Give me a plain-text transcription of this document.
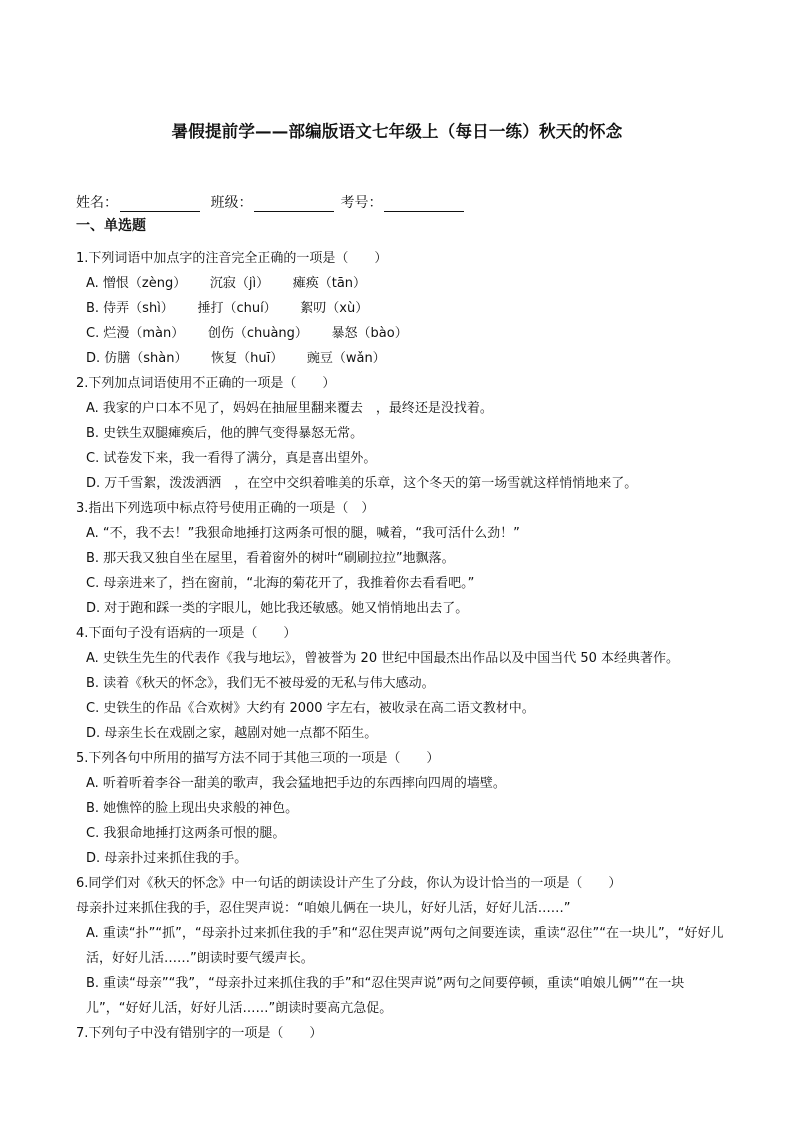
暑假提前学——部编版语文七年级上（每日一练）秋天的怀念
姓名：	班级：	考号：
一、单选题
1.下列词语中加点字的注音完全正确的一项是（　　）
A. 憎恨（zèng）　　 沉寂（jì）　　 瘫痪（tān）
B. 侍弄（shì）　　 捶打（chuí）　　 絮叨（xù）
C. 烂漫（màn）　　 创伤（chuàng）　　 暴怒（bào）
D. 仿膳（shàn）　　 恢复（huī）　　 豌豆（wǎn）
2.下列加点词语使用不正确的一项是（　　）
A. 我家的户口本不见了，妈妈在抽屉里翻来覆去　，最终还是没找着。
B. 史铁生双腿瘫痪后，他的脾气变得暴怒无常。
C. 试卷发下来，我一看得了满分，真是喜出望外。
D. 万千雪絮，泼泼洒洒　，在空中交织着唯美的乐章，这个冬天的第一场雪就这样悄悄地来了。
3.指出下列选项中标点符号使用正确的一项是（　）
A. “不，我不去！”我狠命地捶打这两条可恨的腿，喊着，“我可活什么劲！”
B. 那天我又独自坐在屋里，看着窗外的树叶“刷刷拉拉”地飘落。
C. 母亲进来了，挡在窗前，“北海的菊花开了，我推着你去看看吧。”
D. 对于跑和踩一类的字眼儿，她比我还敏感。她又悄悄地出去了。
4.下面句子没有语病的一项是（　　）
A. 史铁生先生的代表作《我与地坛》，曾被誉为 20 世纪中国最杰出作品以及中国当代 50 本经典著作。
B. 读着《秋天的怀念》，我们无不被母爱的无私与伟大感动。
C. 史铁生的作品《合欢树》大约有 2000 字左右，被收录在高二语文教材中。
D. 母亲生长在戏剧之家，越剧对她一点都不陌生。
5.下列各句中所用的描写方法不同于其他三项的一项是（　　）
A. 听着听着李谷一甜美的歌声，我会猛地把手边的东西摔向四周的墙壁。
B. 她憔悴的脸上现出央求般的神色。
C. 我狠命地捶打这两条可恨的腿。
D. 母亲扑过来抓住我的手。
6.同学们对《秋天的怀念》中一句话的朗读设计产生了分歧，你认为设计恰当的一项是（　　）
母亲扑过来抓住我的手，忍住哭声说：“咱娘儿俩在一块儿，好好儿活，好好儿活……”
A. 重读“扑”“抓”，“母亲扑过来抓住我的手”和“忍住哭声说”两句之间要连读，重读“忍住”“在一块儿”，“好好儿活，好好儿活……”朗读时要气缓声长。
B. 重读“母亲”“我”，“母亲扑过来抓住我的手”和“忍住哭声说”两句之间要停顿，重读“咱娘儿俩”“在一块儿”，“好好儿活，好好儿活……”朗读时要高亢急促。
7.下列句子中没有错别字的一项是（　　）
